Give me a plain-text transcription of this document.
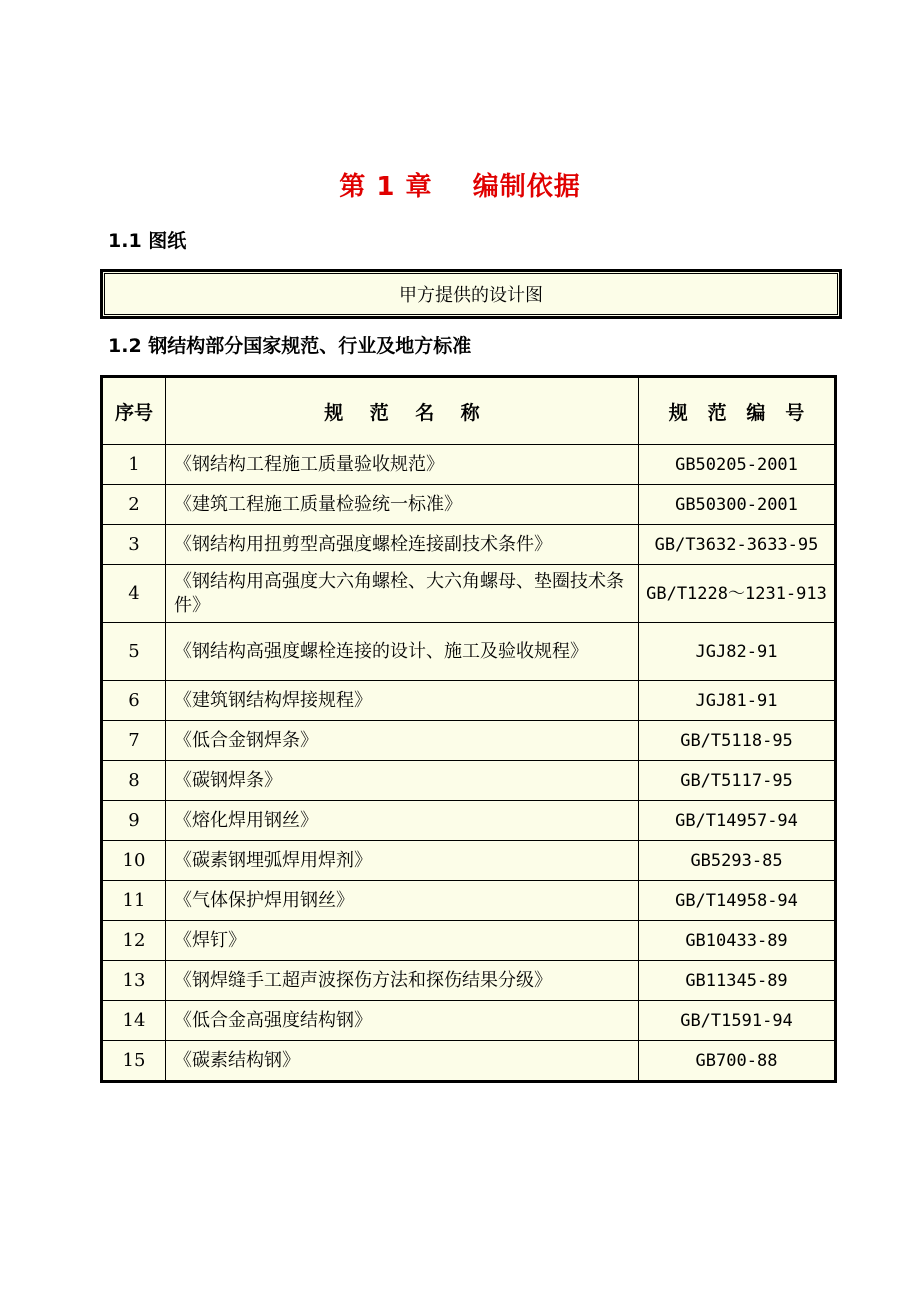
第 1 章    编制依据
1.1 图纸
甲方提供的设计图
1.2 钢结构部分国家规范、行业及地方标准
序号	规    范    名    称	规   范   编   号
1	《钢结构工程施工质量验收规范》	GB50205-2001
2	《建筑工程施工质量检验统一标准》	GB50300-2001
3	《钢结构用扭剪型高强度螺栓连接副技术条件》	GB/T3632-3633-95
4	《钢结构用高强度大六角螺栓、大六角螺母、垫圈技术条件》	GB/T1228～1231-913
5	《钢结构高强度螺栓连接的设计、施工及验收规程》	JGJ82-91
6	《建筑钢结构焊接规程》	JGJ81-91
7	《低合金钢焊条》	GB/T5118-95
8	《碳钢焊条》	GB/T5117-95
9	《熔化焊用钢丝》	GB/T14957-94
10	《碳素钢埋弧焊用焊剂》	GB5293-85
11	《气体保护焊用钢丝》	GB/T14958-94
12	《焊钉》	GB10433-89
13	《钢焊缝手工超声波探伤方法和探伤结果分级》	GB11345-89
14	《低合金高强度结构钢》	GB/T1591-94
15	《碳素结构钢》	GB700-88
